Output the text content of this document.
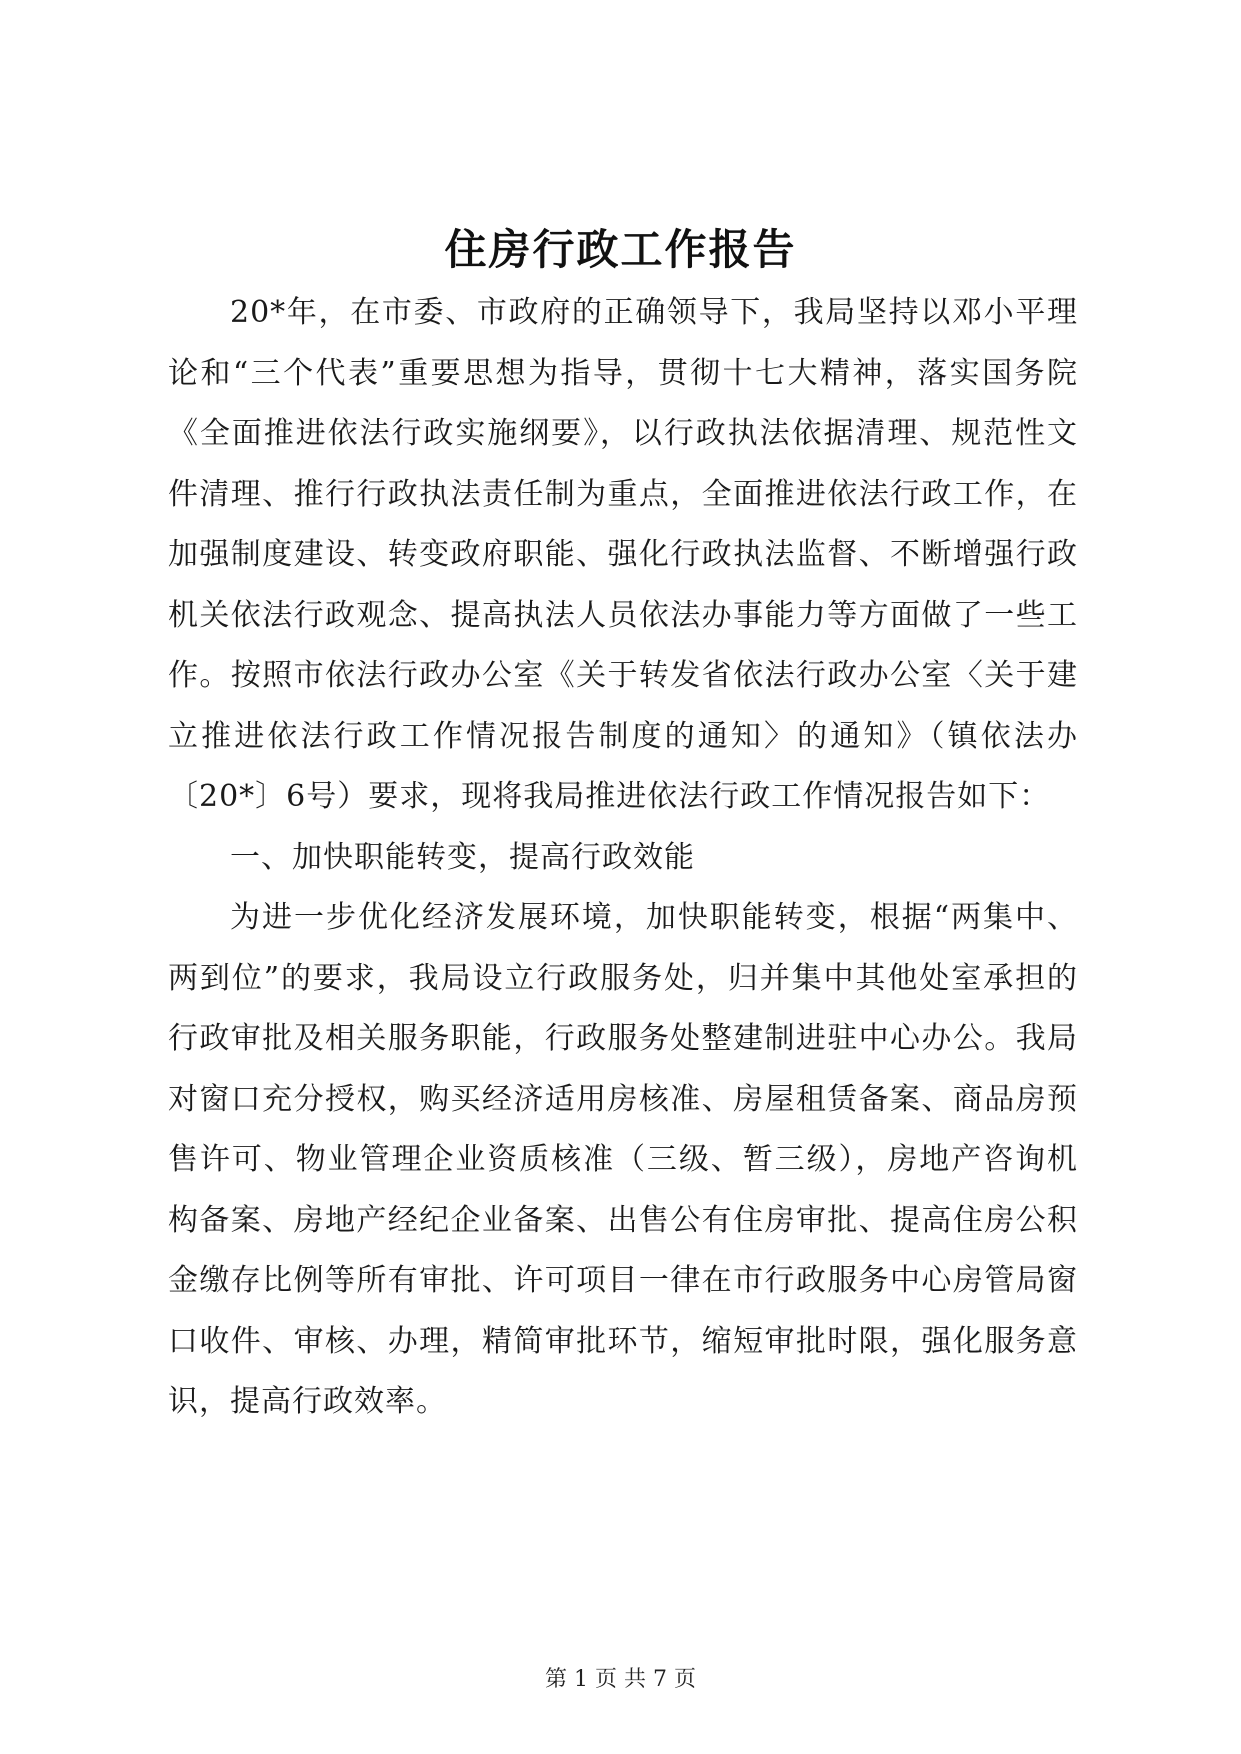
住房行政工作报告

20*年，在市委、市政府的正确领导下，我局坚持以邓小平理论和“三个代表”重要思想为指导，贯彻十七大精神，落实国务院《全面推进依法行政实施纲要》，以行政执法依据清理、规范性文件清理、推行行政执法责任制为重点，全面推进依法行政工作，在加强制度建设、转变政府职能、强化行政执法监督、不断增强行政机关依法行政观念、提高执法人员依法办事能力等方面做了一些工作。按照市依法行政办公室《关于转发省依法行政办公室〈关于建立推进依法行政工作情况报告制度的通知〉的通知》（镇依法办〔20*〕6号）要求，现将我局推进依法行政工作情况报告如下：

一、加快职能转变，提高行政效能

为进一步优化经济发展环境，加快职能转变，根据“两集中、两到位”的要求，我局设立行政服务处，归并集中其他处室承担的行政审批及相关服务职能，行政服务处整建制进驻中心办公。我局对窗口充分授权，购买经济适用房核准、房屋租赁备案、商品房预售许可、物业管理企业资质核准（三级、暂三级），房地产咨询机构备案、房地产经纪企业备案、出售公有住房审批、提高住房公积金缴存比例等所有审批、许可项目一律在市行政服务中心房管局窗口收件、审核、办理，精简审批环节，缩短审批时限，强化服务意识，提高行政效率。

第 1 页 共 7 页
